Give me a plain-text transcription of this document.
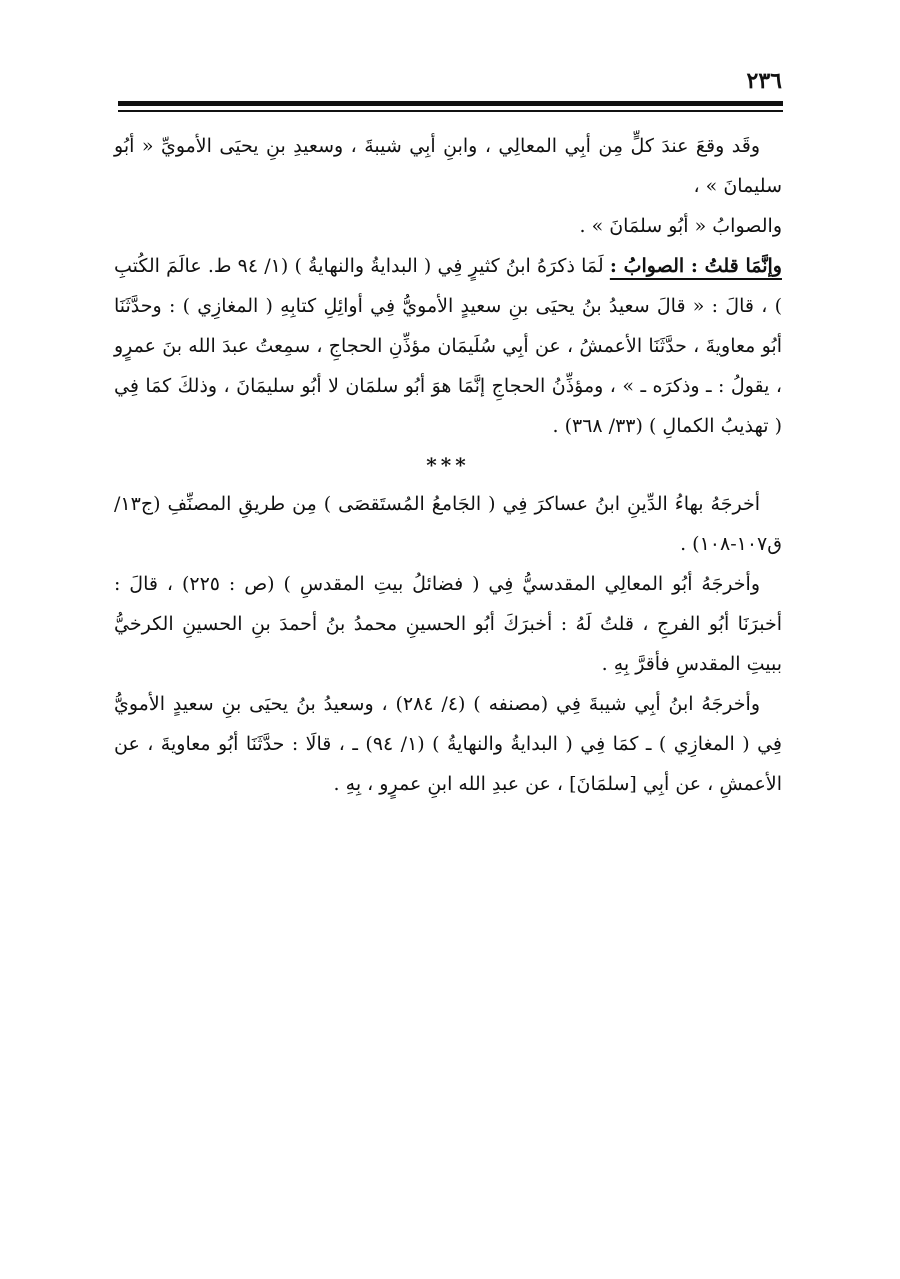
٢٣٦

وقَد وقعَ عندَ كلٍّ مِن أبِي المعالِي ، وابنِ أبِي شيبةَ ، وسعيدِ بنِ يحيَى الأمويِّ « أبُو سليمانَ » ،
والصوابُ « أبُو سلمَانَ » .

وإنَّمَا قلتُ : الصوابُ : لَمَا ذكرَهُ ابنُ كثيرٍ فِي ( البدايةُ والنهايةُ ) (١/ ٩٤ ط. عالَمَ الكُتبِ ) ، قالَ : « قالَ سعيدُ بنُ يحيَى بنِ سعيدٍ الأمويُّ فِي أوائِلِ كتابِهِ ( المغازِي ) : وحدَّثَنَا أبُو معاويةَ ، حدَّثَنَا الأعمشُ ، عن أبِي سُلَيمَان مؤذِّنِ الحجاجِ ، سمِعتُ عبدَ الله بنَ عمرٍو ، يقولُ : ـ وذكرَه ـ » ، ومؤذِّنُ الحجاجِ إنَّمَا هوَ أبُو سلمَان لا أبُو سليمَانَ ، وذلكَ كمَا فِي ( تهذيبُ الكمالِ ) (٣٣/ ٣٦٨) .

***

أخرجَهُ بهاءُ الدِّينِ ابنُ عساكرَ فِي ( الجَامعُ المُستَقصَى ) مِن طريقِ المصنِّفِ (ج١٣/ ق١٠٧-١٠٨) .

وأخرجَهُ أبُو المعالِي المقدسيُّ فِي ( فضائلُ بيتِ المقدسِ ) (ص : ٢٢٥) ، قالَ : أخبرَنَا أبُو الفرجِ ، قلتُ لَهُ : أخبرَكَ أبُو الحسينِ محمدُ بنُ أحمدَ بنِ الحسينِ الكرخيُّ ببيتِ المقدسِ فأقرَّ بِهِ .

وأخرجَهُ ابنُ أبِي شيبةَ فِي (مصنفه ) (٤/ ٢٨٤) ، وسعيدُ بنُ يحيَى بنِ سعيدٍ الأمويُّ فِي ( المغازِي ) ـ كمَا فِي ( البدايةُ والنهايةُ ) (١/ ٩٤) ـ ، قالَا : حدَّثَنَا أبُو معاويةَ ، عن الأعمشِ ، عن أبِي [سلمَانَ] ، عن عبدِ الله ابنِ عمرٍو ، بِهِ .
